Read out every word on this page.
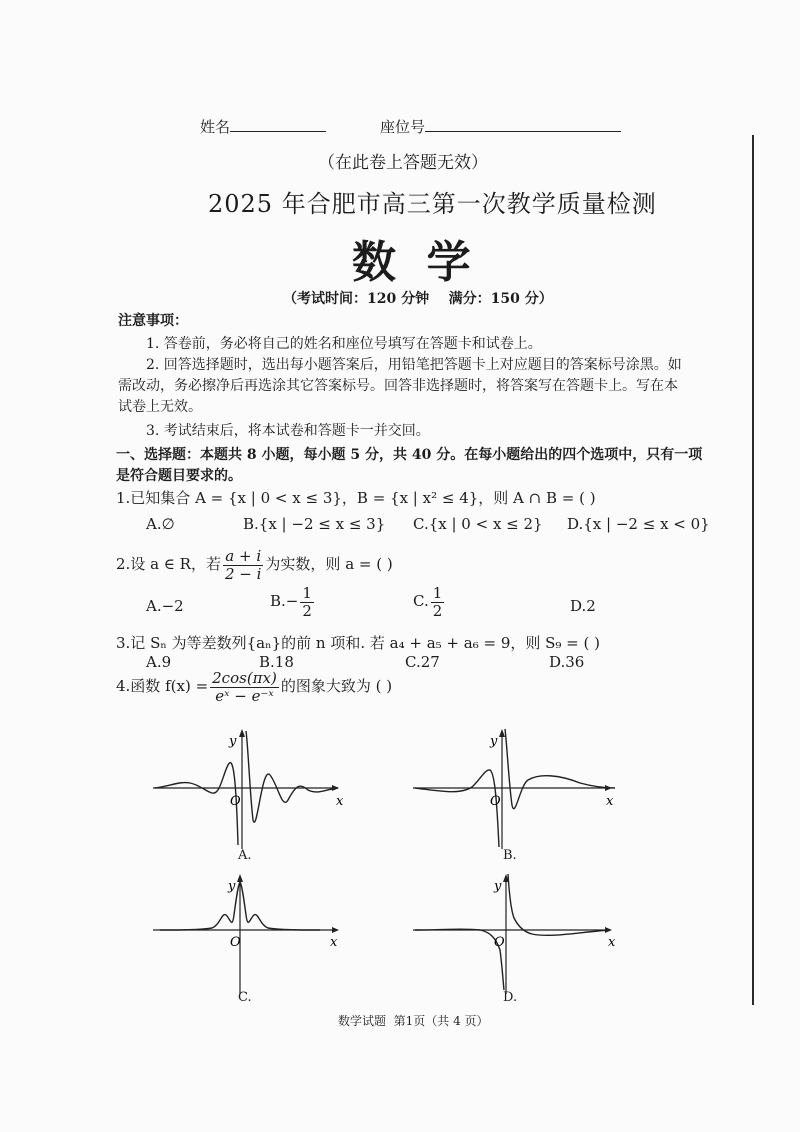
姓名	座位号
（在此卷上答题无效）
2025 年合肥市高三第一次教学质量检测
数  学
（考试时间：120 分钟    满分：150 分）
注意事项：
1. 答卷前，务必将自己的姓名和座位号填写在答题卡和试卷上。
2. 回答选择题时，选出每小题答案后，用铅笔把答题卡上对应题目的答案标号涂黑。如
需改动，务必擦净后再选涂其它答案标号。回答非选择题时，将答案写在答题卡上。写在本
试卷上无效。
3. 考试结束后，将本试卷和答题卡一并交回。
一、选择题：本题共 8 小题，每小题 5 分，共 40 分。在每小题给出的四个选项中，只有一项
是符合题目要求的。
1.已知集合 A = {x | 0 < x ≤ 3}，B = {x | x² ≤ 4}，则 A ∩ B = ( )
A.∅	B.{x | −2 ≤ x ≤ 3} C.{x | 0 < x ≤ 2} D.{x | −2 ≤ x < 0}
2.设 a ∈ R，若 $\frac{a + i}{2 - i}$ 为实数，则 a = ( )
A.−2	$B.- \frac{1}{2}$	C. $\frac{1}{2}$	D.2
3.记 Sₙ 为等差数列{aₙ}的前 n 项和. 若 a₄ + a₅ + a₆ = 9，则 S₉ = ( )
A.9	B.18	C.27	D.36
4.函数 $f(x) = \frac{2\cos(\pi x)}{\text{eˣ − e⁻ˣ}}$ 的图象大致为 ( )
y
x
O
A.
y
x
O
B.
y
x
O
C.
y
x
O
D.
数学试题  第1页（共 4 页）
